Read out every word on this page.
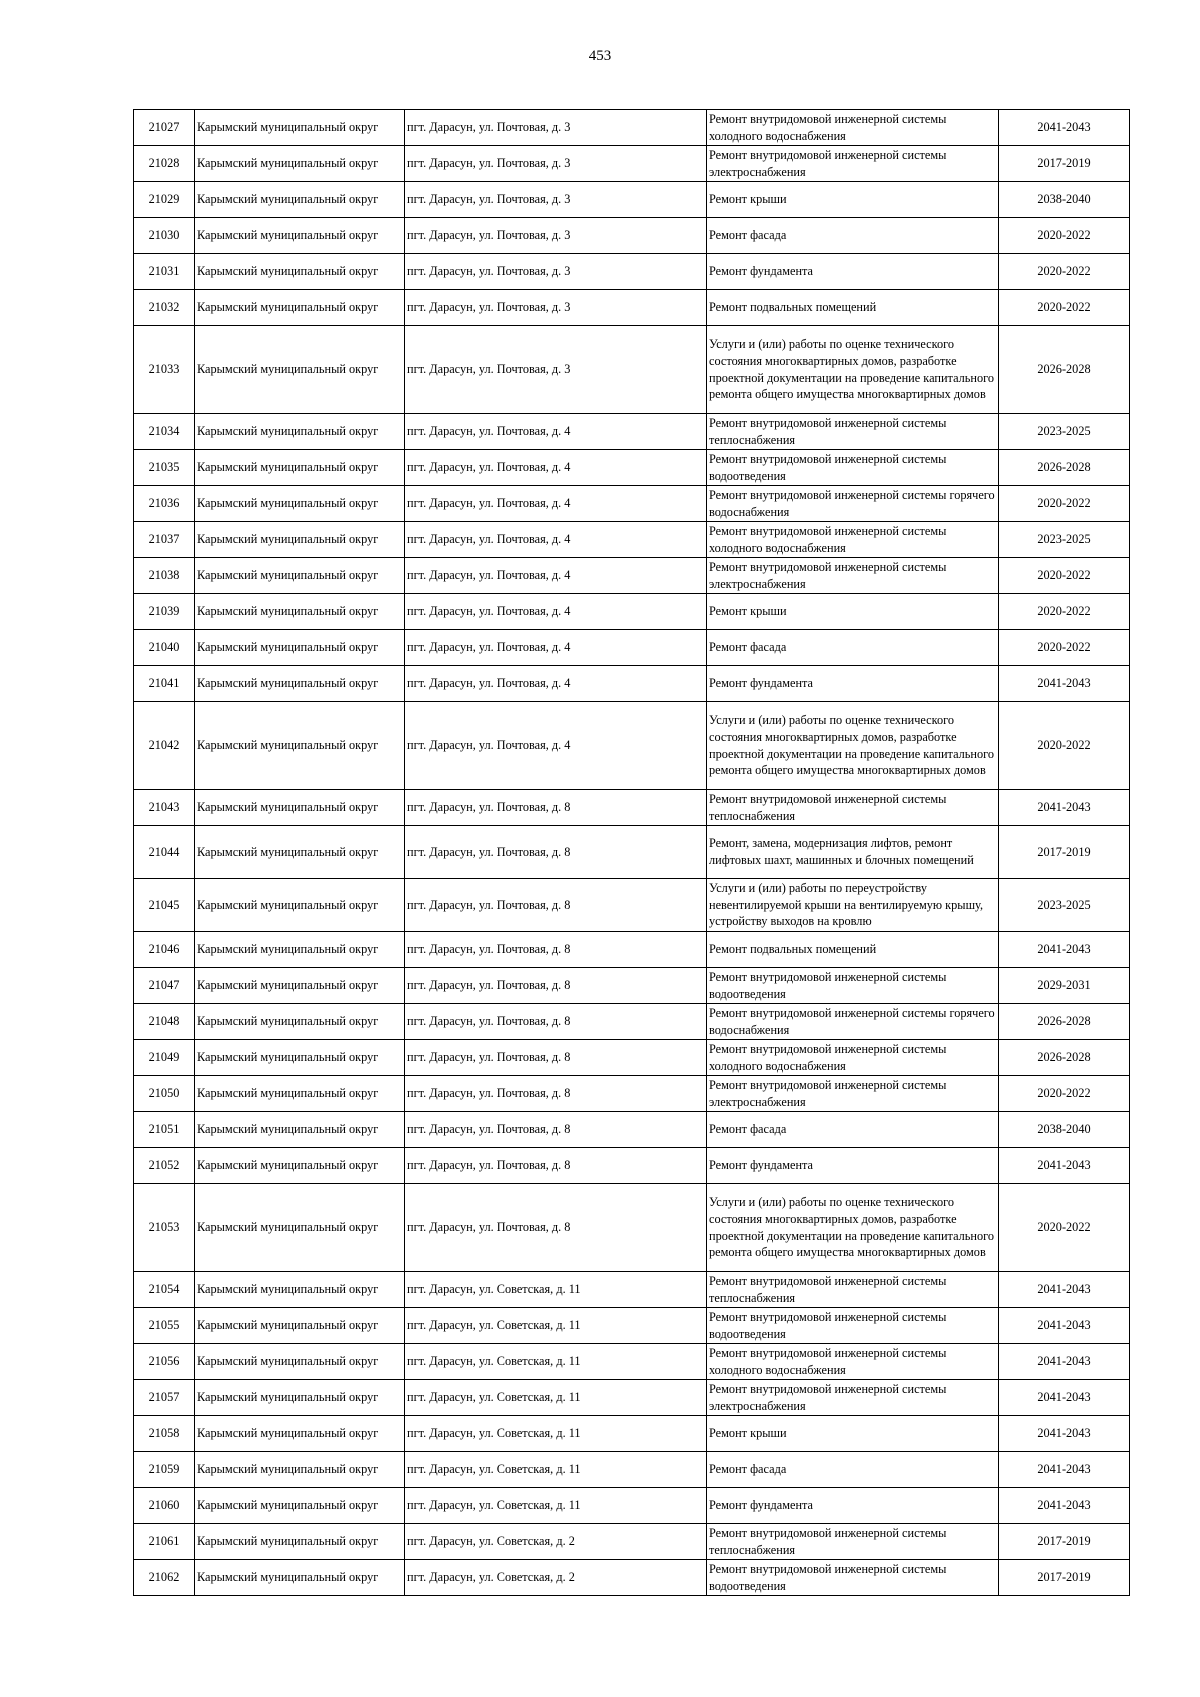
453
21027	Карымский муниципальный округ	пгт. Дарасун, ул. Почтовая, д. 3	Ремонт внутридомовой инженерной системы холодного водоснабжения	2041-2043
21028	Карымский муниципальный округ	пгт. Дарасун, ул. Почтовая, д. 3	Ремонт внутридомовой инженерной системы электроснабжения	2017-2019
21029	Карымский муниципальный округ	пгт. Дарасун, ул. Почтовая, д. 3	Ремонт крыши	2038-2040
21030	Карымский муниципальный округ	пгт. Дарасун, ул. Почтовая, д. 3	Ремонт фасада	2020-2022
21031	Карымский муниципальный округ	пгт. Дарасун, ул. Почтовая, д. 3	Ремонт фундамента	2020-2022
21032	Карымский муниципальный округ	пгт. Дарасун, ул. Почтовая, д. 3	Ремонт подвальных помещений	2020-2022
21033	Карымский муниципальный округ	пгт. Дарасун, ул. Почтовая, д. 3	Услуги и (или) работы по оценке технического состояния многоквартирных домов, разработке проектной документации на проведение капитального ремонта общего имущества многоквартирных домов	2026-2028
21034	Карымский муниципальный округ	пгт. Дарасун, ул. Почтовая, д. 4	Ремонт внутридомовой инженерной системы теплоснабжения	2023-2025
21035	Карымский муниципальный округ	пгт. Дарасун, ул. Почтовая, д. 4	Ремонт внутридомовой инженерной системы водоотведения	2026-2028
21036	Карымский муниципальный округ	пгт. Дарасун, ул. Почтовая, д. 4	Ремонт внутридомовой инженерной системы горячего водоснабжения	2020-2022
21037	Карымский муниципальный округ	пгт. Дарасун, ул. Почтовая, д. 4	Ремонт внутридомовой инженерной системы холодного водоснабжения	2023-2025
21038	Карымский муниципальный округ	пгт. Дарасун, ул. Почтовая, д. 4	Ремонт внутридомовой инженерной системы электроснабжения	2020-2022
21039	Карымский муниципальный округ	пгт. Дарасун, ул. Почтовая, д. 4	Ремонт крыши	2020-2022
21040	Карымский муниципальный округ	пгт. Дарасун, ул. Почтовая, д. 4	Ремонт фасада	2020-2022
21041	Карымский муниципальный округ	пгт. Дарасун, ул. Почтовая, д. 4	Ремонт фундамента	2041-2043
21042	Карымский муниципальный округ	пгт. Дарасун, ул. Почтовая, д. 4	Услуги и (или) работы по оценке технического состояния многоквартирных домов, разработке проектной документации на проведение капитального ремонта общего имущества многоквартирных домов	2020-2022
21043	Карымский муниципальный округ	пгт. Дарасун, ул. Почтовая, д. 8	Ремонт внутридомовой инженерной системы теплоснабжения	2041-2043
21044	Карымский муниципальный округ	пгт. Дарасун, ул. Почтовая, д. 8	Ремонт, замена, модернизация лифтов, ремонт лифтовых шахт, машинных и блочных помещений	2017-2019
21045	Карымский муниципальный округ	пгт. Дарасун, ул. Почтовая, д. 8	Услуги и (или) работы по переустройству невентилируемой крыши на вентилируемую крышу, устройству выходов на кровлю	2023-2025
21046	Карымский муниципальный округ	пгт. Дарасун, ул. Почтовая, д. 8	Ремонт подвальных помещений	2041-2043
21047	Карымский муниципальный округ	пгт. Дарасун, ул. Почтовая, д. 8	Ремонт внутридомовой инженерной системы водоотведения	2029-2031
21048	Карымский муниципальный округ	пгт. Дарасун, ул. Почтовая, д. 8	Ремонт внутридомовой инженерной системы горячего водоснабжения	2026-2028
21049	Карымский муниципальный округ	пгт. Дарасун, ул. Почтовая, д. 8	Ремонт внутридомовой инженерной системы холодного водоснабжения	2026-2028
21050	Карымский муниципальный округ	пгт. Дарасун, ул. Почтовая, д. 8	Ремонт внутридомовой инженерной системы электроснабжения	2020-2022
21051	Карымский муниципальный округ	пгт. Дарасун, ул. Почтовая, д. 8	Ремонт фасада	2038-2040
21052	Карымский муниципальный округ	пгт. Дарасун, ул. Почтовая, д. 8	Ремонт фундамента	2041-2043
21053	Карымский муниципальный округ	пгт. Дарасун, ул. Почтовая, д. 8	Услуги и (или) работы по оценке технического состояния многоквартирных домов, разработке проектной документации на проведение капитального ремонта общего имущества многоквартирных домов	2020-2022
21054	Карымский муниципальный округ	пгт. Дарасун, ул. Советская, д. 11	Ремонт внутридомовой инженерной системы теплоснабжения	2041-2043
21055	Карымский муниципальный округ	пгт. Дарасун, ул. Советская, д. 11	Ремонт внутридомовой инженерной системы водоотведения	2041-2043
21056	Карымский муниципальный округ	пгт. Дарасун, ул. Советская, д. 11	Ремонт внутридомовой инженерной системы холодного водоснабжения	2041-2043
21057	Карымский муниципальный округ	пгт. Дарасун, ул. Советская, д. 11	Ремонт внутридомовой инженерной системы электроснабжения	2041-2043
21058	Карымский муниципальный округ	пгт. Дарасун, ул. Советская, д. 11	Ремонт крыши	2041-2043
21059	Карымский муниципальный округ	пгт. Дарасун, ул. Советская, д. 11	Ремонт фасада	2041-2043
21060	Карымский муниципальный округ	пгт. Дарасун, ул. Советская, д. 11	Ремонт фундамента	2041-2043
21061	Карымский муниципальный округ	пгт. Дарасун, ул. Советская, д. 2	Ремонт внутридомовой инженерной системы теплоснабжения	2017-2019
21062	Карымский муниципальный округ	пгт. Дарасун, ул. Советская, д. 2	Ремонт внутридомовой инженерной системы водоотведения	2017-2019
